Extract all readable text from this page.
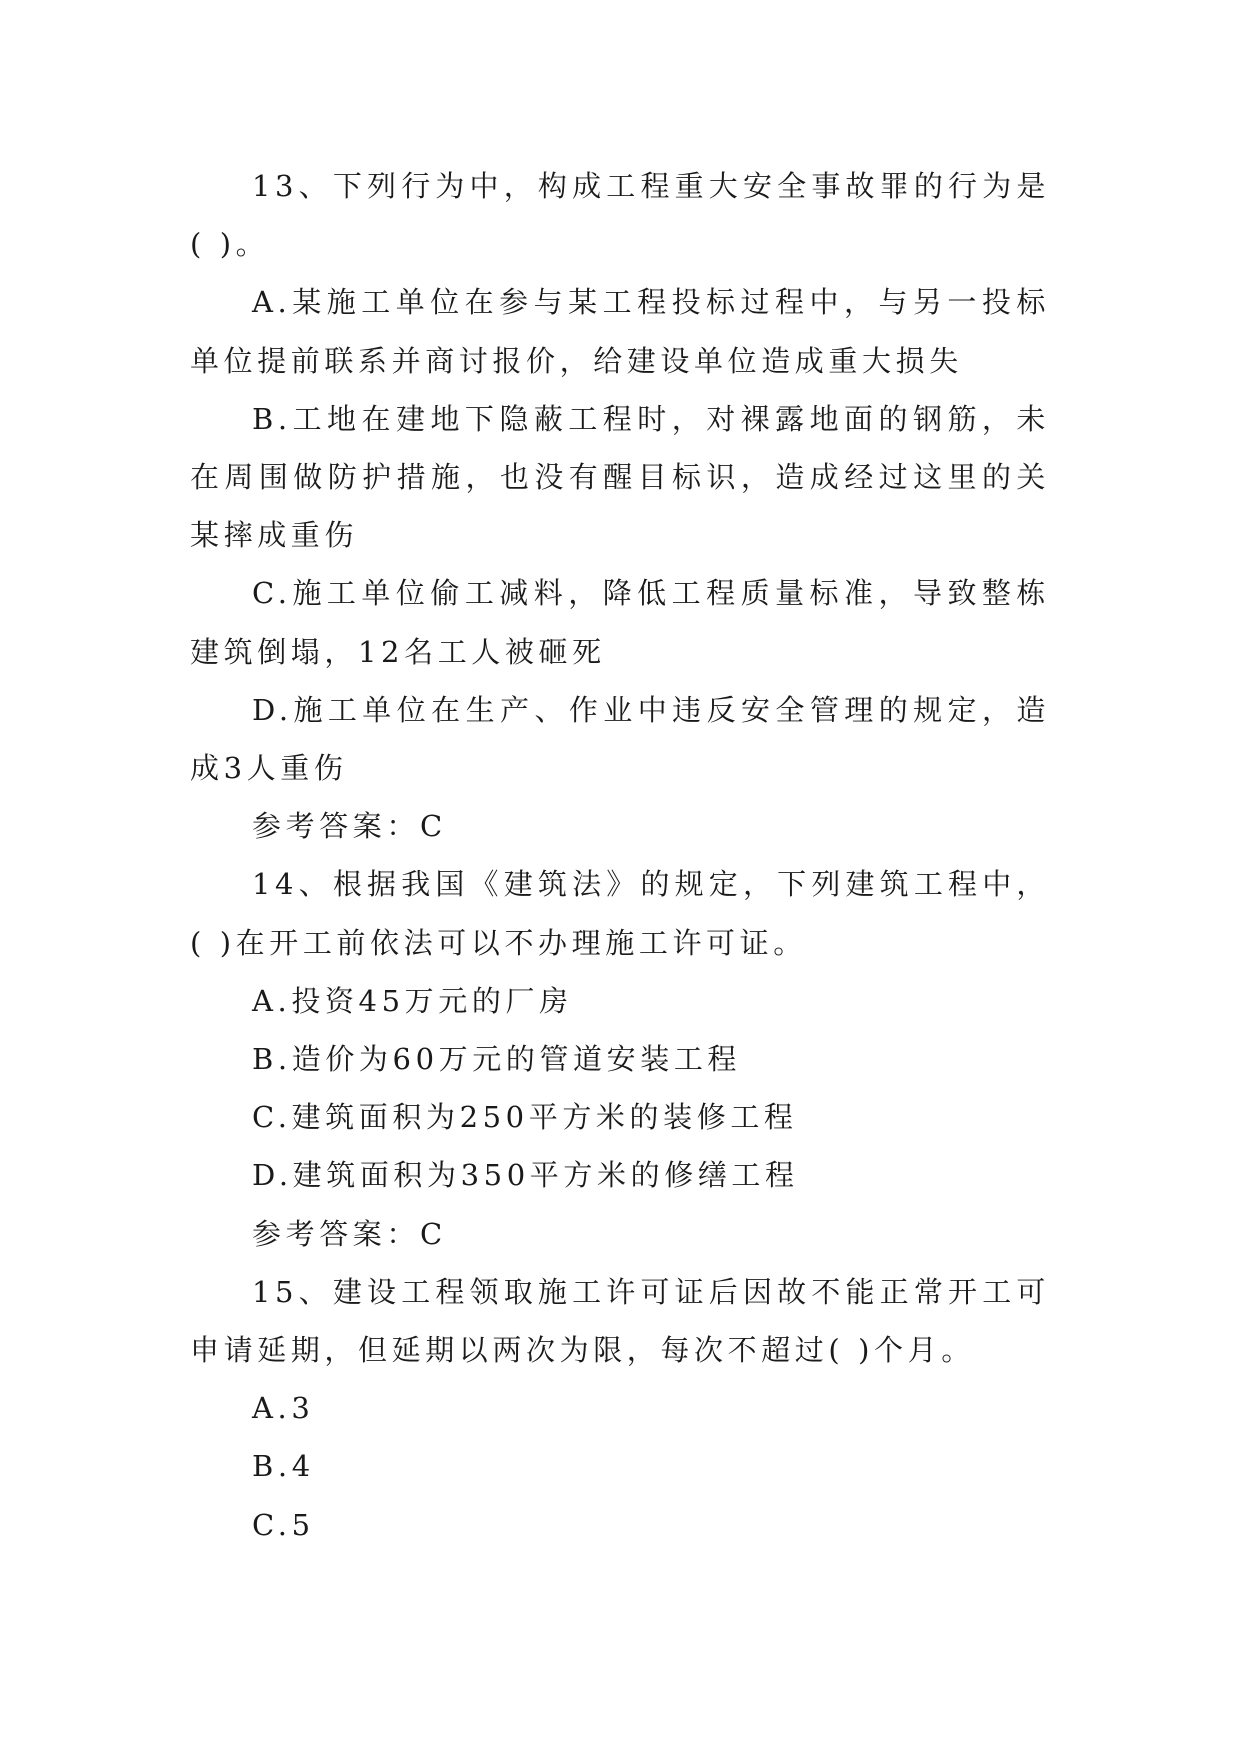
13、下列行为中，构成工程重大安全事故罪的行为是( )。

A.某施工单位在参与某工程投标过程中，与另一投标单位提前联系并商讨报价，给建设单位造成重大损失

B.工地在建地下隐蔽工程时，对裸露地面的钢筋，未在周围做防护措施，也没有醒目标识，造成经过这里的关某摔成重伤

C.施工单位偷工减料，降低工程质量标准，导致整栋建筑倒塌，12名工人被砸死

D.施工单位在生产、作业中违反安全管理的规定，造成3人重伤

参考答案：C

14、根据我国《建筑法》的规定，下列建筑工程中，( )在开工前依法可以不办理施工许可证。

A.投资45万元的厂房

B.造价为60万元的管道安装工程

C.建筑面积为250平方米的装修工程

D.建筑面积为350平方米的修缮工程

参考答案：C

15、建设工程领取施工许可证后因故不能正常开工可申请延期，但延期以两次为限，每次不超过( )个月。

A.3

B.4

C.5
